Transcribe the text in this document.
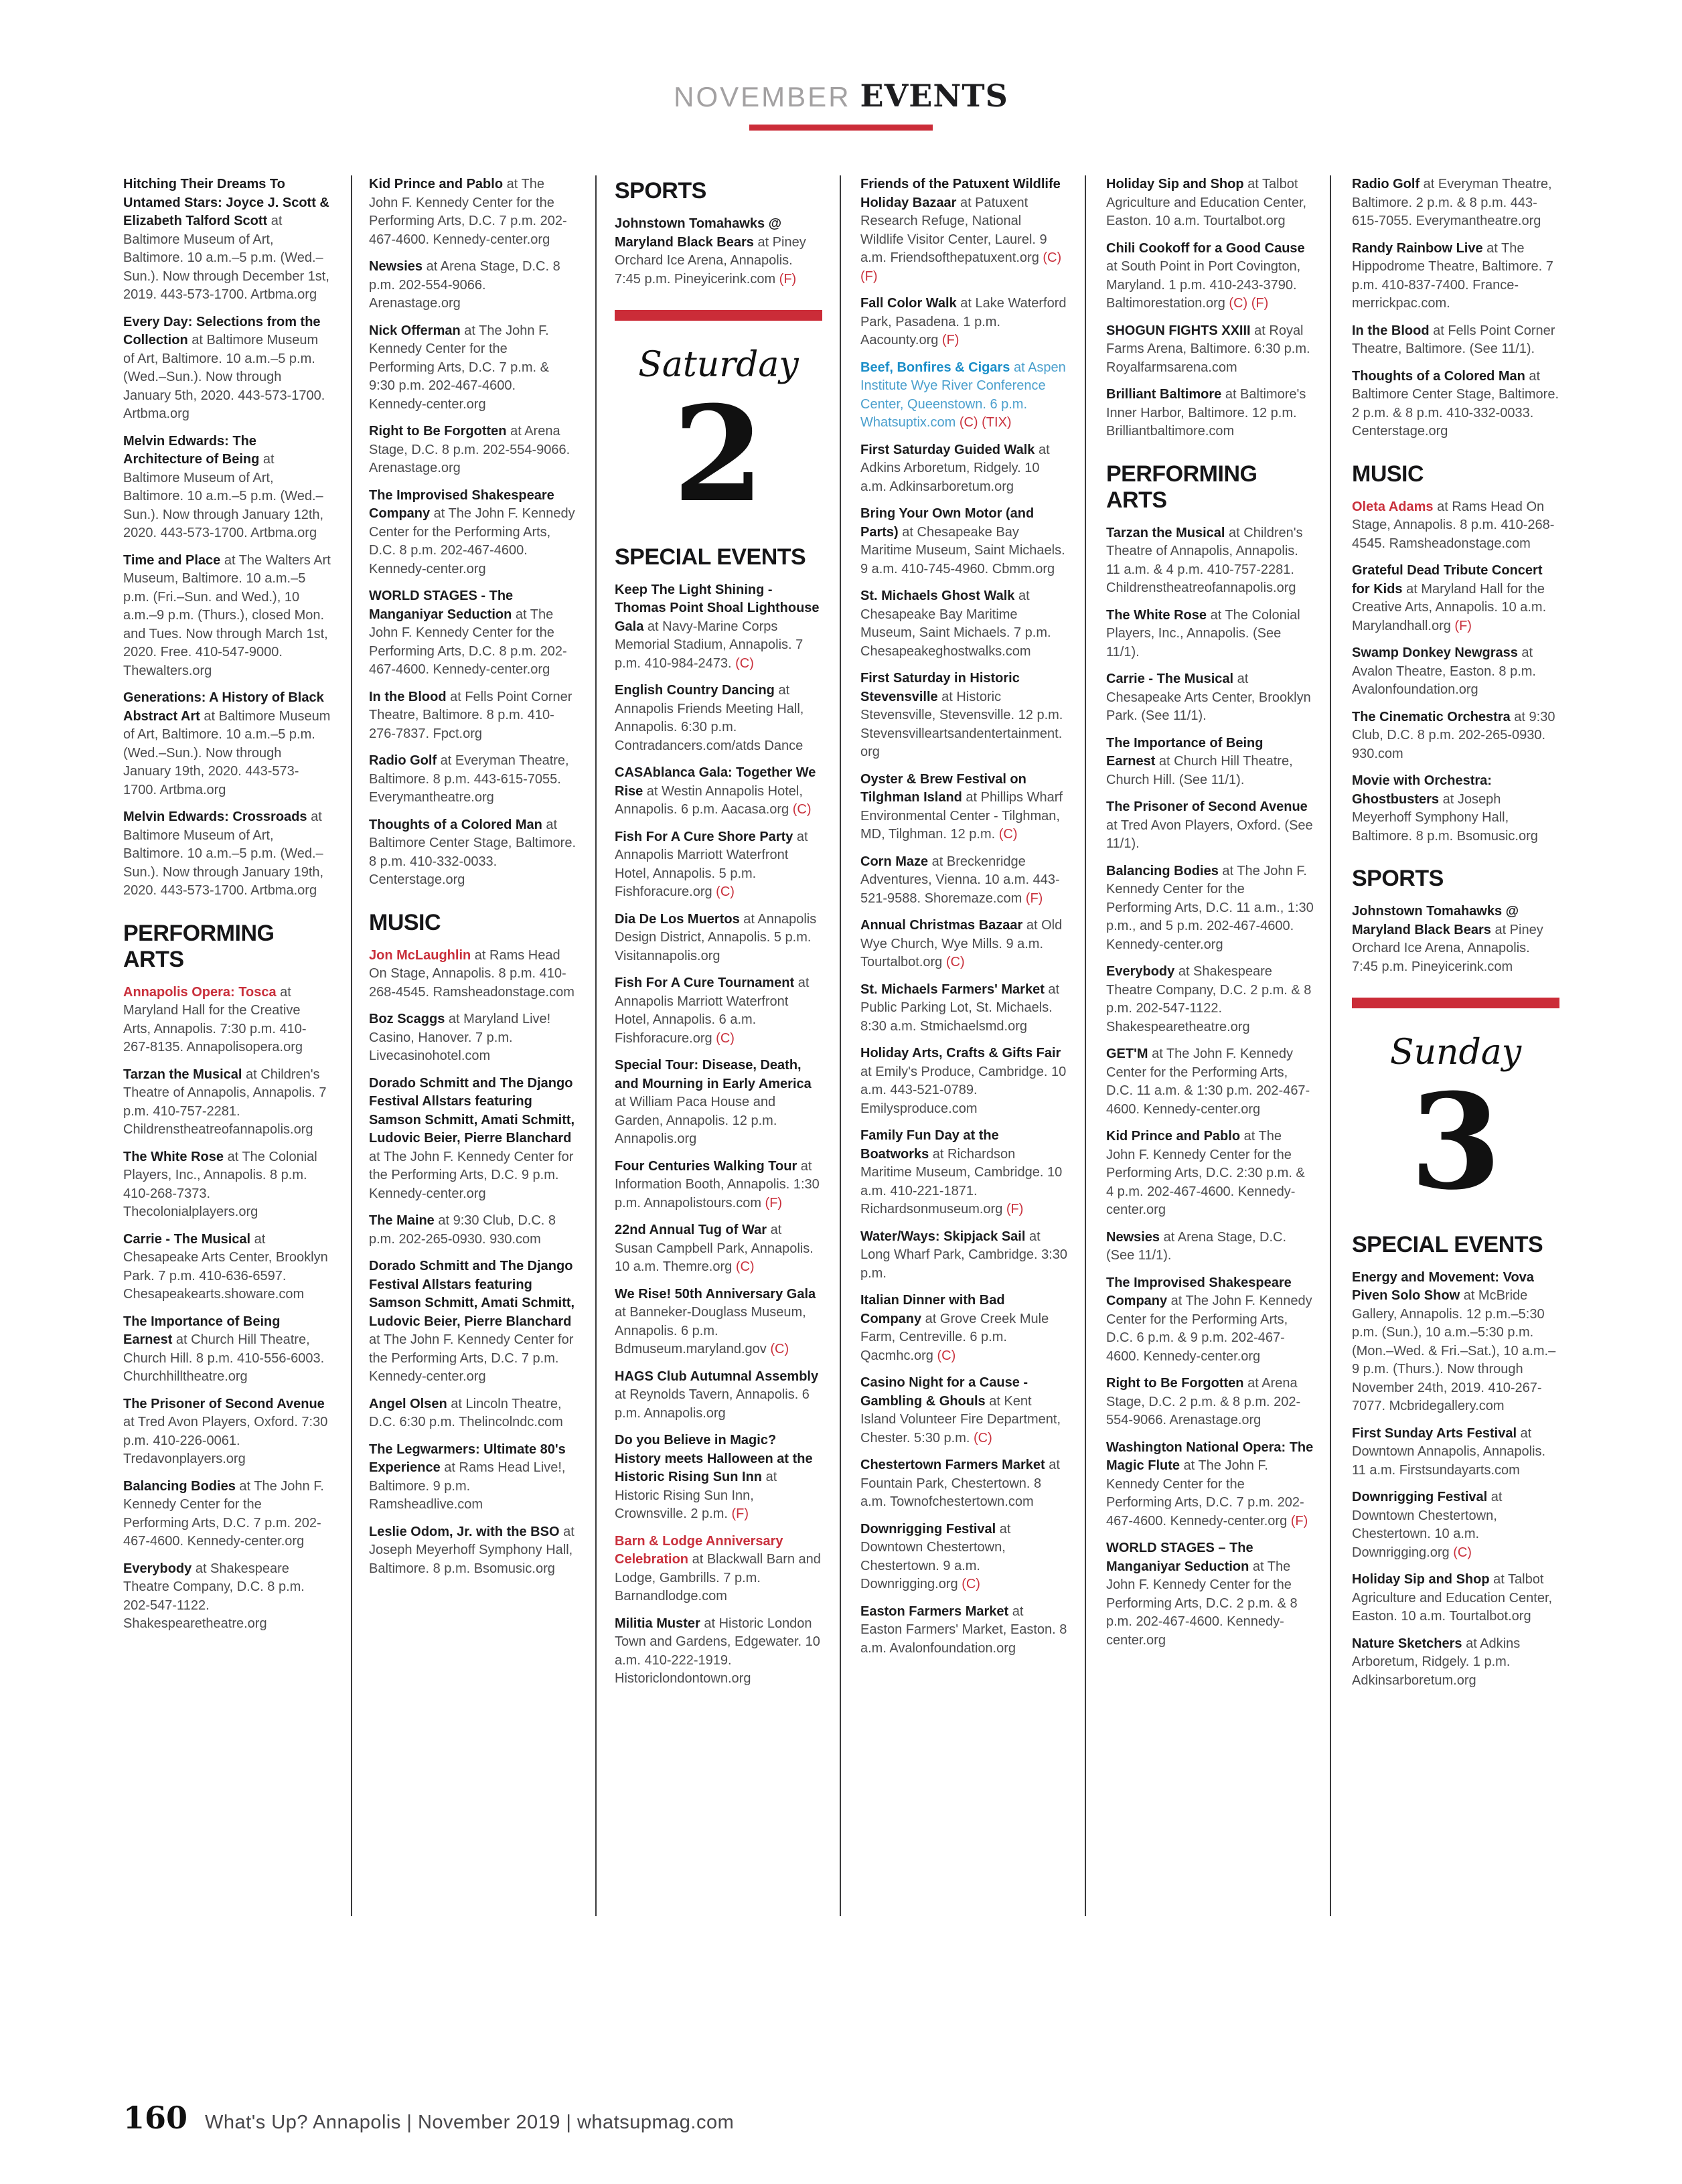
NOVEMBER EVENTS

Hitching Their Dreams To Untamed Stars: Joyce J. Scott & Elizabeth Talford Scott at Baltimore Museum of Art, Baltimore. 10 a.m.–5 p.m. (Wed.–Sun.). Now through December 1st, 2019. 443-573-1700. Artbma.org

Every Day: Selections from the Collection at Baltimore Museum of Art, Baltimore. 10 a.m.–5 p.m. (Wed.–Sun.). Now through January 5th, 2020. 443-573-1700. Artbma.org

Melvin Edwards: The Architecture of Being at Baltimore Museum of Art, Baltimore. 10 a.m.–5 p.m. (Wed.–Sun.). Now through January 12th, 2020. 443-573-1700. Artbma.org

Time and Place at The Walters Art Museum, Baltimore. 10 a.m.–5 p.m. (Fri.–Sun. and Wed.), 10 a.m.–9 p.m. (Thurs.), closed Mon. and Tues. Now through March 1st, 2020. Free. 410-547-9000. Thewalters.org

Generations: A History of Black Abstract Art at Baltimore Museum of Art, Baltimore. 10 a.m.–5 p.m. (Wed.–Sun.). Now through January 19th, 2020. 443-573-1700. Artbma.org

Melvin Edwards: Crossroads at Baltimore Museum of Art, Baltimore. 10 a.m.–5 p.m. (Wed.–Sun.). Now through January 19th, 2020. 443-573-1700. Artbma.org

PERFORMING ARTS

Annapolis Opera: Tosca at Maryland Hall for the Creative Arts, Annapolis. 7:30 p.m. 410-267-8135. Annapolisopera.org

Tarzan the Musical at Children's Theatre of Annapolis, Annapolis. 7 p.m. 410-757-2281. Childrenstheatreofannapolis.org

The White Rose at The Colonial Players, Inc., Annapolis. 8 p.m. 410-268-7373. Thecolonialplayers.org

Carrie - The Musical at Chesapeake Arts Center, Brooklyn Park. 7 p.m. 410-636-6597. Chesapeakearts.showare.com

The Importance of Being Earnest at Church Hill Theatre, Church Hill. 8 p.m. 410-556-6003. Churchhilltheatre.org

The Prisoner of Second Avenue at Tred Avon Players, Oxford. 7:30 p.m. 410-226-0061. Tredavonplayers.org

Balancing Bodies at The John F. Kennedy Center for the Performing Arts, D.C. 7 p.m. 202-467-4600. Kennedy-center.org

Everybody at Shakespeare Theatre Company, D.C. 8 p.m. 202-547-1122. Shakespearetheatre.org

Kid Prince and Pablo at The John F. Kennedy Center for the Performing Arts, D.C. 7 p.m. 202-467-4600. Kennedy-center.org

Newsies at Arena Stage, D.C. 8 p.m. 202-554-9066. Arenastage.org

Nick Offerman at The John F. Kennedy Center for the Performing Arts, D.C. 7 p.m. & 9:30 p.m. 202-467-4600. Kennedy-center.org

Right to Be Forgotten at Arena Stage, D.C. 8 p.m. 202-554-9066. Arenastage.org

The Improvised Shakespeare Company at The John F. Kennedy Center for the Performing Arts, D.C. 8 p.m. 202-467-4600. Kennedy-center.org

WORLD STAGES - The Manganiyar Seduction at The John F. Kennedy Center for the Performing Arts, D.C. 8 p.m. 202-467-4600. Kennedy-center.org

In the Blood at Fells Point Corner Theatre, Baltimore. 8 p.m. 410-276-7837. Fpct.org

Radio Golf at Everyman Theatre, Baltimore. 8 p.m. 443-615-7055. Everymantheatre.org

Thoughts of a Colored Man at Baltimore Center Stage, Baltimore. 8 p.m. 410-332-0033. Centerstage.org

MUSIC

Jon McLaughlin at Rams Head On Stage, Annapolis. 8 p.m. 410-268-4545. Ramsheadonstage.com

Boz Scaggs at Maryland Live! Casino, Hanover. 7 p.m. Livecasinohotel.com

Dorado Schmitt and The Django Festival Allstars featuring Samson Schmitt, Amati Schmitt, Ludovic Beier, Pierre Blanchard at The John F. Kennedy Center for the Performing Arts, D.C. 9 p.m. Kennedy-center.org

The Maine at 9:30 Club, D.C. 8 p.m. 202-265-0930. 930.com

Dorado Schmitt and The Django Festival Allstars featuring Samson Schmitt, Amati Schmitt, Ludovic Beier, Pierre Blanchard at The John F. Kennedy Center for the Performing Arts, D.C. 7 p.m. Kennedy-center.org

Angel Olsen at Lincoln Theatre, D.C. 6:30 p.m. Thelincolndc.com

The Legwarmers: Ultimate 80's Experience at Rams Head Live!, Baltimore. 9 p.m. Ramsheadlive.com

Leslie Odom, Jr. with the BSO at Joseph Meyerhoff Symphony Hall, Baltimore. 8 p.m. Bsomusic.org

SPORTS

Johnstown Tomahawks @ Maryland Black Bears at Piney Orchard Ice Arena, Annapolis. 7:45 p.m. Pineyicerink.com (F)

Saturday
2
SPECIAL EVENTS

Keep The Light Shining - Thomas Point Shoal Lighthouse Gala at Navy-Marine Corps Memorial Stadium, Annapolis. 7 p.m. 410-984-2473. (C)

English Country Dancing at Annapolis Friends Meeting Hall, Annapolis. 6:30 p.m. Contradancers.com/atds Dance

CASAblanca Gala: Together We Rise at Westin Annapolis Hotel, Annapolis. 6 p.m. Aacasa.org (C)

Fish For A Cure Shore Party at Annapolis Marriott Waterfront Hotel, Annapolis. 5 p.m. Fishforacure.org (C)

Dia De Los Muertos at Annapolis Design District, Annapolis. 5 p.m. Visitannapolis.org

Fish For A Cure Tournament at Annapolis Marriott Waterfront Hotel, Annapolis. 6 a.m. Fishforacure.org (C)

Special Tour: Disease, Death, and Mourning in Early America at William Paca House and Garden, Annapolis. 12 p.m. Annapolis.org

Four Centuries Walking Tour at Information Booth, Annapolis. 1:30 p.m. Annapolistours.com (F)

22nd Annual Tug of War at Susan Campbell Park, Annapolis. 10 a.m. Themre.org (C)

We Rise! 50th Anniversary Gala at Banneker-Douglass Museum, Annapolis. 6 p.m. Bdmuseum.maryland.gov (C)

HAGS Club Autumnal Assembly at Reynolds Tavern, Annapolis. 6 p.m. Annapolis.org

Do you Believe in Magic? History meets Halloween at the Historic Rising Sun Inn at Historic Rising Sun Inn, Crownsville. 2 p.m. (F)

Barn & Lodge Anniversary Celebration at Blackwall Barn and Lodge, Gambrills. 7 p.m. Barnandlodge.com

Militia Muster at Historic London Town and Gardens, Edgewater. 10 a.m. 410-222-1919. Historiclondontown.org

Friends of the Patuxent Wildlife Holiday Bazaar at Patuxent Research Refuge, National Wildlife Visitor Center, Laurel. 9 a.m. Friendsofthepatuxent.org (C) (F)

Fall Color Walk at Lake Waterford Park, Pasadena. 1 p.m. Aacounty.org (F)

Beef, Bonfires & Cigars at Aspen Institute Wye River Conference Center, Queenstown. 6 p.m. Whatsuptix.com (C) (TIX)

First Saturday Guided Walk at Adkins Arboretum, Ridgely. 10 a.m. Adkinsarboretum.org

Bring Your Own Motor (and Parts) at Chesapeake Bay Maritime Museum, Saint Michaels. 9 a.m. 410-745-4960. Cbmm.org

St. Michaels Ghost Walk at Chesapeake Bay Maritime Museum, Saint Michaels. 7 p.m. Chesapeakeghostwalks.com

First Saturday in Historic Stevensville at Historic Stevensville, Stevensville. 12 p.m. Stevensvilleartsandentertainment.org

Oyster & Brew Festival on Tilghman Island at Phillips Wharf Environmental Center - Tilghman, MD, Tilghman. 12 p.m. (C)

Corn Maze at Breckenridge Adventures, Vienna. 10 a.m. 443-521-9588. Shoremaze.com (F)

Annual Christmas Bazaar at Old Wye Church, Wye Mills. 9 a.m. Tourtalbot.org (C)

St. Michaels Farmers' Market at Public Parking Lot, St. Michaels. 8:30 a.m. Stmichaelsmd.org

Holiday Arts, Crafts & Gifts Fair at Emily's Produce, Cambridge. 10 a.m. 443-521-0789. Emilysproduce.com

Family Fun Day at the Boatworks at Richardson Maritime Museum, Cambridge. 10 a.m. 410-221-1871. Richardsonmuseum.org (F)

Water/Ways: Skipjack Sail at Long Wharf Park, Cambridge. 3:30 p.m.

Italian Dinner with Bad Company at Grove Creek Mule Farm, Centreville. 6 p.m. Qacmhc.org (C)

Casino Night for a Cause - Gambling & Ghouls at Kent Island Volunteer Fire Department, Chester. 5:30 p.m. (C)

Chestertown Farmers Market at Fountain Park, Chestertown. 8 a.m. Townofchestertown.com

Downrigging Festival at Downtown Chestertown, Chestertown. 9 a.m. Downrigging.org (C)

Easton Farmers Market at Easton Farmers' Market, Easton. 8 a.m. Avalonfoundation.org

Holiday Sip and Shop at Talbot Agriculture and Education Center, Easton. 10 a.m. Tourtalbot.org

Chili Cookoff for a Good Cause at South Point in Port Covington, Maryland. 1 p.m. 410-243-3790. Baltimorestation.org (C) (F)

SHOGUN FIGHTS XXIII at Royal Farms Arena, Baltimore. 6:30 p.m. Royalfarmsarena.com

Brilliant Baltimore at Baltimore's Inner Harbor, Baltimore. 12 p.m. Brilliantbaltimore.com

PERFORMING ARTS

Tarzan the Musical at Children's Theatre of Annapolis, Annapolis. 11 a.m. & 4 p.m. 410-757-2281. Childrenstheatreofannapolis.org

The White Rose at The Colonial Players, Inc., Annapolis. (See 11/1).

Carrie - The Musical at Chesapeake Arts Center, Brooklyn Park. (See 11/1).

The Importance of Being Earnest at Church Hill Theatre, Church Hill. (See 11/1).

The Prisoner of Second Avenue at Tred Avon Players, Oxford. (See 11/1).

Balancing Bodies at The John F. Kennedy Center for the Performing Arts, D.C. 11 a.m., 1:30 p.m., and 5 p.m. 202-467-4600. Kennedy-center.org

Everybody at Shakespeare Theatre Company, D.C. 2 p.m. & 8 p.m. 202-547-1122. Shakespearetheatre.org

GET'M at The John F. Kennedy Center for the Performing Arts, D.C. 11 a.m. & 1:30 p.m. 202-467-4600. Kennedy-center.org

Kid Prince and Pablo at The John F. Kennedy Center for the Performing Arts, D.C. 2:30 p.m. & 4 p.m. 202-467-4600. Kennedy-center.org

Newsies at Arena Stage, D.C. (See 11/1).

The Improvised Shakespeare Company at The John F. Kennedy Center for the Performing Arts, D.C. 6 p.m. & 9 p.m. 202-467-4600. Kennedy-center.org

Right to Be Forgotten at Arena Stage, D.C. 2 p.m. & 8 p.m. 202-554-9066. Arenastage.org

Washington National Opera: The Magic Flute at The John F. Kennedy Center for the Performing Arts, D.C. 7 p.m. 202-467-4600. Kennedy-center.org (F)

WORLD STAGES – The Manganiyar Seduction at The John F. Kennedy Center for the Performing Arts, D.C. 2 p.m. & 8 p.m. 202-467-4600. Kennedy-center.org

Radio Golf at Everyman Theatre, Baltimore. 2 p.m. & 8 p.m. 443-615-7055. Everymantheatre.org

Randy Rainbow Live at The Hippodrome Theatre, Baltimore. 7 p.m. 410-837-7400. France-merrickpac.com.

In the Blood at Fells Point Corner Theatre, Baltimore. (See 11/1).

Thoughts of a Colored Man at Baltimore Center Stage, Baltimore. 2 p.m. & 8 p.m. 410-332-0033. Centerstage.org

MUSIC

Oleta Adams at Rams Head On Stage, Annapolis. 8 p.m. 410-268-4545. Ramsheadonstage.com

Grateful Dead Tribute Concert for Kids at Maryland Hall for the Creative Arts, Annapolis. 10 a.m. Marylandhall.org (F)

Swamp Donkey Newgrass at Avalon Theatre, Easton. 8 p.m. Avalonfoundation.org

The Cinematic Orchestra at 9:30 Club, D.C. 8 p.m. 202-265-0930. 930.com

Movie with Orchestra: Ghostbusters at Joseph Meyerhoff Symphony Hall, Baltimore. 8 p.m. Bsomusic.org

SPORTS

Johnstown Tomahawks @ Maryland Black Bears at Piney Orchard Ice Arena, Annapolis. 7:45 p.m. Pineyicerink.com

Sunday
3
SPECIAL EVENTS

Energy and Movement: Vova Piven Solo Show at McBride Gallery, Annapolis. 12 p.m.–5:30 p.m. (Sun.), 10 a.m.–5:30 p.m. (Mon.–Wed. & Fri.–Sat.), 10 a.m.–9 p.m. (Thurs.). Now through November 24th, 2019. 410-267-7077. Mcbridegallery.com

First Sunday Arts Festival at Downtown Annapolis, Annapolis. 11 a.m. Firstsundayarts.com

Downrigging Festival at Downtown Chestertown, Chestertown. 10 a.m. Downrigging.org (C)

Holiday Sip and Shop at Talbot Agriculture and Education Center, Easton. 10 a.m. Tourtalbot.org

Nature Sketchers at Adkins Arboretum, Ridgely. 1 p.m. Adkinsarboretum.org

160 What's Up? Annapolis | November 2019 | whatsupmag.com
